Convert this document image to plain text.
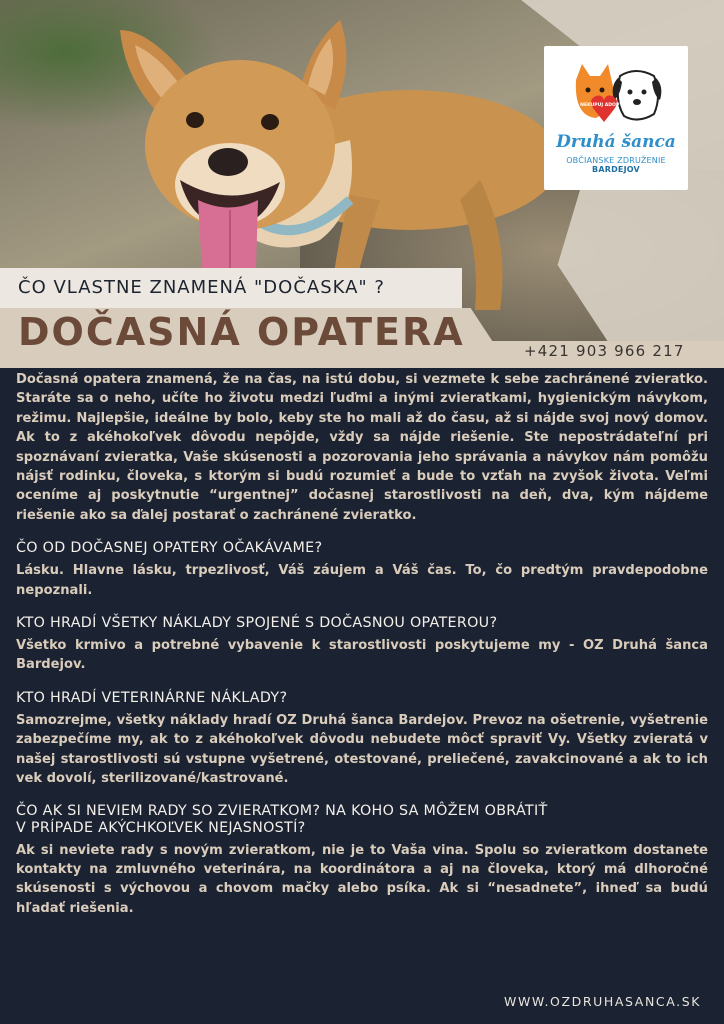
NEKUPUJ ADOPTUJ
Druhá šanca
OBČIANSKE ZDRUŽENIE BARDEJOV
ČO VLASTNE ZNAMENÁ "DOČASKA" ?
DOČASNÁ OPATERA	+421 903 966 217

Dočasná opatera znamená, že na čas, na istú dobu, si vezmete k sebe zachránené zvieratko. Staráte sa o neho, učíte ho životu medzi ľuďmi a inými zvieratkami, hygienickým návykom, režimu. Najlepšie, ideálne by bolo, keby ste ho mali až do času, až si nájde svoj nový domov. Ak to z akéhokoľvek dôvodu nepôjde, vždy sa nájde riešenie. Ste nepostrádateľní pri spoznávaní zvieratka, Vaše skúsenosti a pozorovania jeho správania a návykov nám pomôžu nájsť rodinku, človeka, s ktorým si budú rozumieť a bude to vzťah na zvyšok života. Veľmi oceníme aj poskytnutie “urgentnej” dočasnej starostlivosti na deň, dva, kým nájdeme riešenie ako sa ďalej postarať o zachránené zvieratko.

ČO OD DOČASNEJ OPATERY OČAKÁVAME?

Lásku. Hlavne lásku, trpezlivosť, Váš záujem a Váš čas. To, čo predtým pravdepodobne nepoznali.

KTO HRADÍ VŠETKY NÁKLADY SPOJENÉ S DOČASNOU OPATEROU?

Všetko krmivo a potrebné vybavenie k starostlivosti poskytujeme my - OZ Druhá šanca Bardejov.

KTO HRADÍ VETERINÁRNE NÁKLADY?

Samozrejme, všetky náklady hradí OZ Druhá šanca Bardejov. Prevoz na ošetrenie, vyšetrenie zabezpečíme my, ak to z akéhokoľvek dôvodu nebudete môcť spraviť Vy. Všetky zvieratá v našej starostlivosti sú vstupne vyšetrené, otestované, preliečené, zavakcinované a ak to ich vek dovolí, sterilizované/kastrované.

ČO AK SI NEVIEM RADY SO ZVIERATKOM? NA KOHO SA MÔŽEM OBRÁTIŤ
V PRÍPADE AKÝCHKOĽVEK NEJASNOSTÍ?

Ak si neviete rady s novým zvieratkom, nie je to Vaša vina. Spolu so zvieratkom dostanete kontakty na zmluvného veterinára, na koordinátora a aj na človeka, ktorý má dlhoročné skúsenosti s výchovou a chovom mačky alebo psíka. Ak si “nesadnete”, ihneď sa budú hľadať riešenia.

WWW.OZDRUHASANCA.SK
